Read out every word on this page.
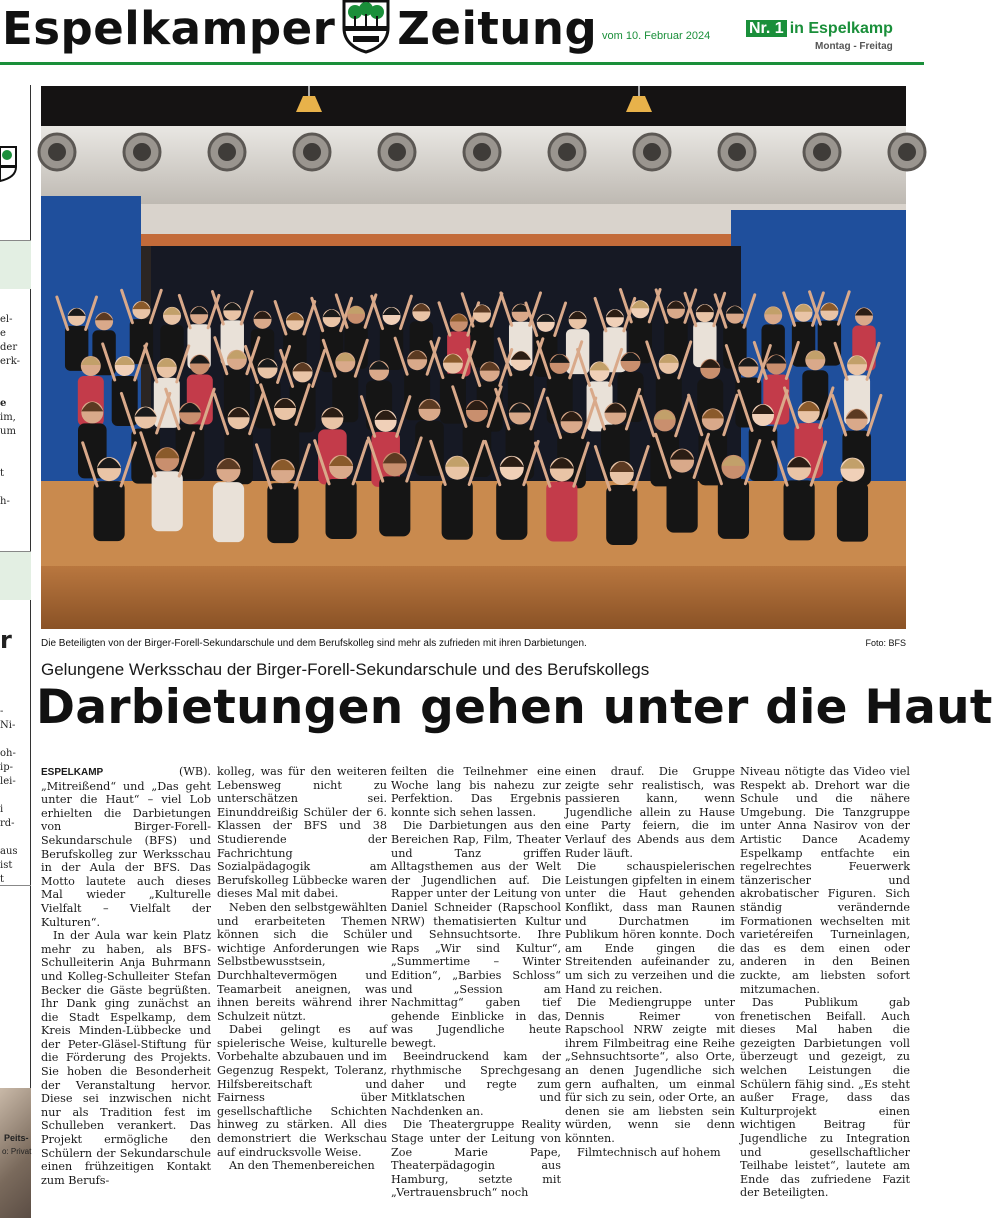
Espelkamper Zeitung vom 10. Februar 2024 Nr. 1 in Espelkamp
Montag - Freitag
el-
e
der
erk-
e
im,
um
t
h-
r
-
Ni-
oh-
ip-
lei-
i
rd-
aus
ist
t
Peits-
o: Privat
Die Beteiligten von der Birger-Forell-Sekundarschule und dem Berufskolleg sind mehr als zufrieden mit ihren Darbietungen.	Foto: BFS
Gelungene Werksschau der Birger-Forell-Sekundarschule und des Berufskollegs
Darbietungen gehen unter die Haut

ESPELKAMP (WB). „Mitreißend“ und „Das geht unter die Haut“ – viel Lob erhielten die Darbietungen von Birger-Forell-Sekundarschule (BFS) und Berufskolleg zur Werksschau in der Aula der BFS. Das Motto lautete auch dieses Mal wieder „Kulturelle Vielfalt – Vielfalt der Kulturen“.

In der Aula war kein Platz mehr zu haben, als BFS-Schulleiterin Anja Buhrmann und Kolleg-Schulleiter Stefan Becker die Gäste begrüßten. Ihr Dank ging zunächst an die Stadt Espelkamp, dem Kreis Minden-Lübbecke und der Peter-Gläsel-Stiftung für die Förderung des Projekts. Sie hoben die Besonderheit der Veranstaltung hervor. Diese sei inzwischen nicht nur als Tradition fest im Schulleben verankert. Das Projekt ermögliche den Schülern der Sekundarschule einen frühzeitigen Kontakt zum Berufs-

kolleg, was für den weiteren Lebensweg nicht zu unterschätzen sei. Einunddreißig Schüler der 6. Klassen der BFS und 38 Studierende der Fachrichtung Sozialpädagogik am Berufskolleg Lübbecke waren dieses Mal mit dabei.

Neben den selbstgewählten und erarbeiteten Themen können sich die Schüler wichtige Anforderungen wie Selbstbewusstsein, Durchhaltevermögen und Teamarbeit aneignen, was ihnen bereits während ihrer Schulzeit nützt.

Dabei gelingt es auf spielerische Weise, kulturelle Vorbehalte abzubauen und im Gegenzug Respekt, Toleranz, Hilfsbereitschaft und Fairness über gesellschaftliche Schichten hinweg zu stärken. All dies demonstriert die Werkschau auf eindrucksvolle Weise.

An den Themenbereichen

feilten die Teilnehmer eine Woche lang bis nahezu zur Perfektion. Das Ergebnis konnte sich sehen lassen.

Die Darbietungen aus den Bereichen Rap, Film, Theater und Tanz griffen Alltagsthemen aus der Welt der Jugendlichen auf. Die Rapper unter der Leitung von Daniel Schneider (Rapschool NRW) thematisierten Kultur und Sehnsuchtsorte. Ihre Raps „Wir sind Kultur“, „Summertime – Winter Edition“, „Barbies Schloss“ und „Session am Nachmittag“ gaben tief gehende Einblicke in das, was Jugendliche heute bewegt.

Beeindruckend kam der rhythmische Sprechgesang daher und regte zum Mitklatschen und Nachdenken an.

Die Theatergruppe Reality Stage unter der Leitung von Zoe Marie Pape, Theaterpädagogin aus Hamburg, setzte mit „Vertrauensbruch“ noch

einen drauf. Die Gruppe zeigte sehr realistisch, was passieren kann, wenn Jugendliche allein zu Hause eine Party feiern, die im Verlauf des Abends aus dem Ruder läuft.

Die schauspielerischen Leistungen gipfelten in einem unter die Haut gehenden Konflikt, dass man Raunen und Durchatmen im Publikum hören konnte. Doch am Ende gingen die Streitenden aufeinander zu, um sich zu verzeihen und die Hand zu reichen.

Die Mediengruppe unter Dennis Reimer von Rapschool NRW zeigte mit ihrem Filmbeitrag eine Reihe „Sehnsuchtsorte“, also Orte, an denen Jugendliche sich gern aufhalten, um einmal für sich zu sein, oder Orte, an denen sie am liebsten sein würden, wenn sie denn könnten.

Filmtechnisch auf hohem

Niveau nötigte das Video viel Respekt ab. Drehort war die Schule und die nähere Umgebung. Die Tanzgruppe unter Anna Nasirov von der Artistic Dance Academy Espelkamp entfachte ein regelrechtes Feuerwerk tänzerischer und akrobatischer Figuren. Sich ständig verändernde Formationen wechselten mit varietéreifen Turneinlagen, das es dem einen oder anderen in den Beinen zuckte, am liebsten sofort mitzumachen.

Das Publikum gab frenetischen Beifall. Auch dieses Mal haben die gezeigten Darbietungen voll überzeugt und gezeigt, zu welchen Leistungen die Schülern fähig sind. „Es steht außer Frage, dass das Kulturprojekt einen wichtigen Beitrag für Jugendliche zu Integration und gesellschaftlicher Teilhabe leistet“, lautete am Ende das zufriedene Fazit der Beteiligten.
